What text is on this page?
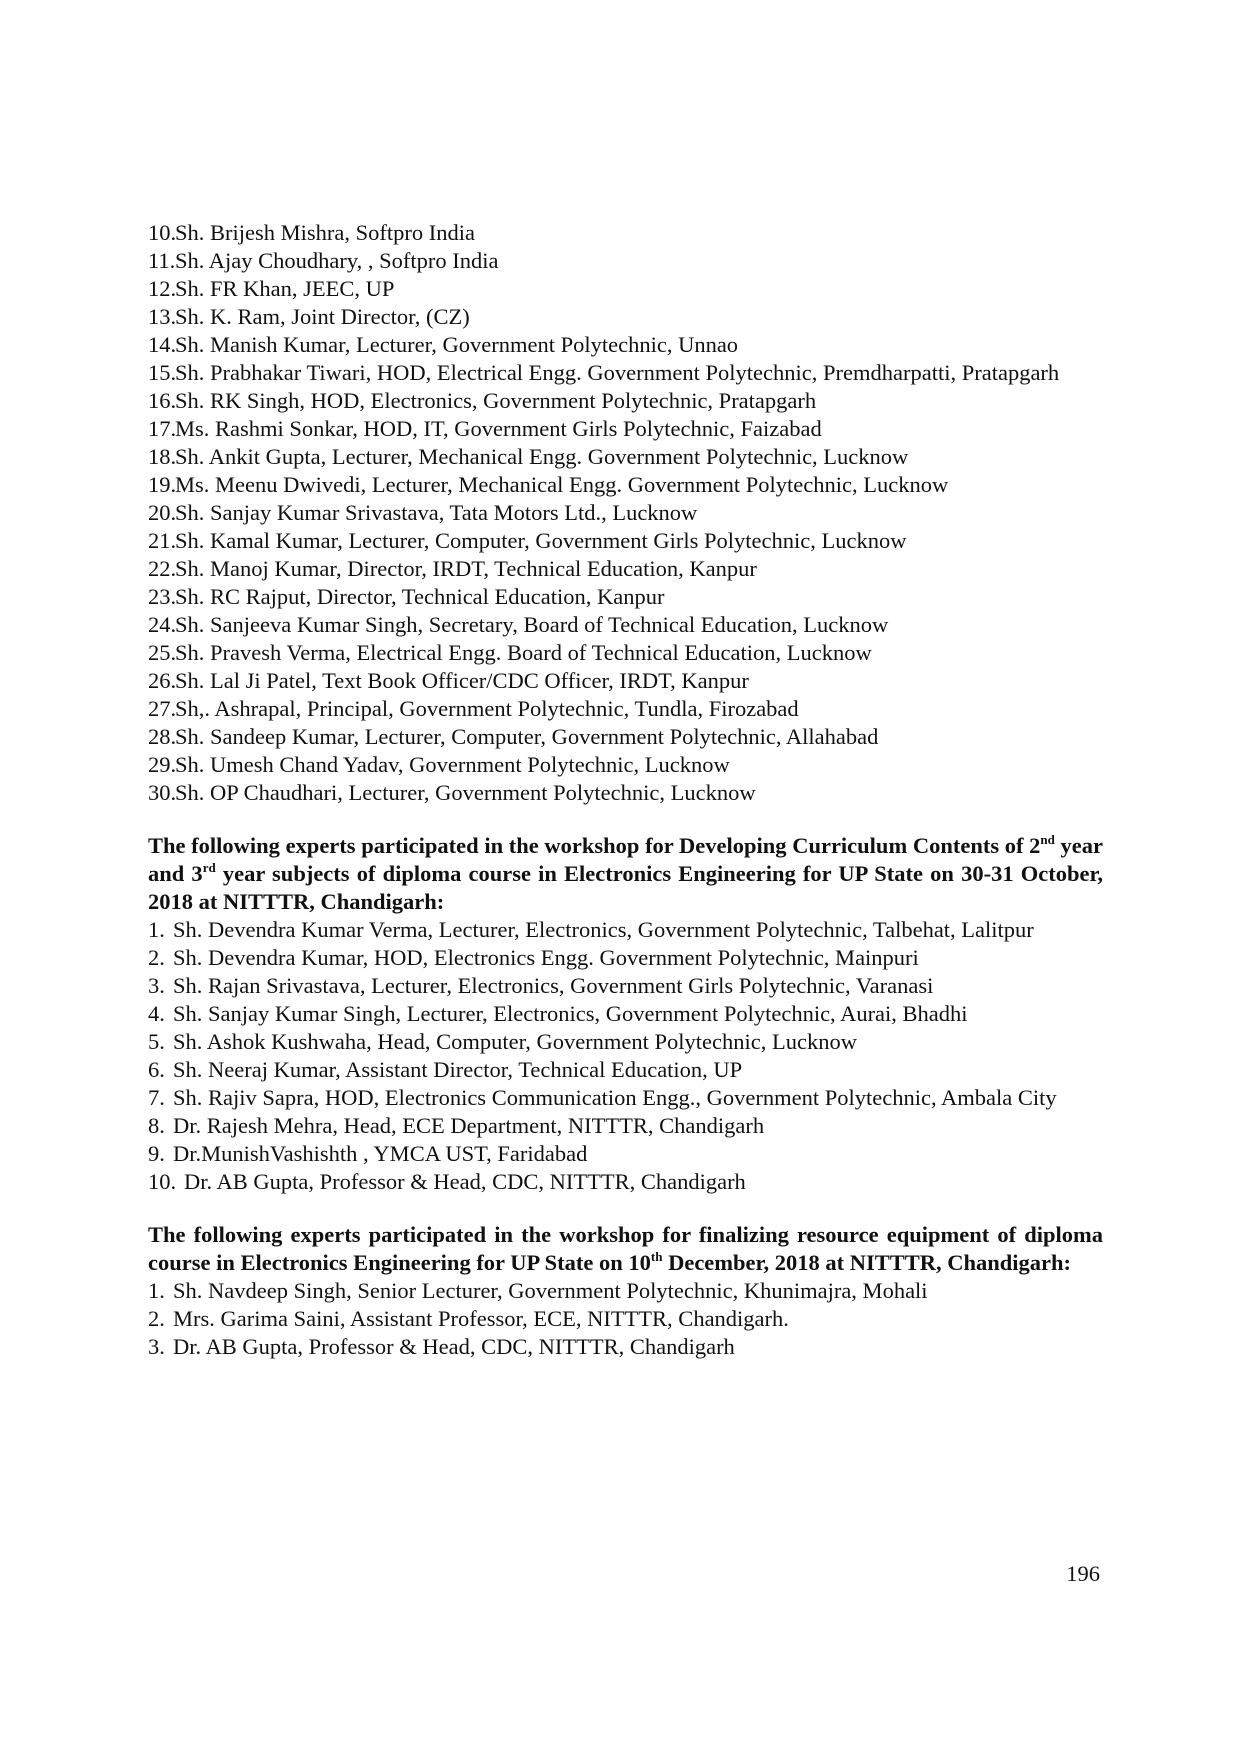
10.
Sh. Brijesh Mishra, Softpro India
11. Sh. Ajay Choudhary, , Softpro India
12.
Sh. FR Khan, JEEC, UP
13.
Sh. K. Ram, Joint Director, (CZ)
14.
Sh. Manish Kumar, Lecturer, Government Polytechnic, Unnao
15.
Sh. Prabhakar Tiwari, HOD, Electrical Engg. Government Polytechnic, Premdharpatti, Pratapgarh
16.
Sh. RK Singh, HOD, Electronics, Government Polytechnic, Pratapgarh
17.
Ms. Rashmi Sonkar, HOD, IT, Government Girls Polytechnic, Faizabad
18.
Sh. Ankit Gupta, Lecturer, Mechanical Engg. Government Polytechnic, Lucknow
19.
Ms. Meenu Dwivedi, Lecturer, Mechanical Engg. Government Polytechnic, Lucknow
20.
Sh. Sanjay Kumar Srivastava, Tata Motors Ltd., Lucknow
21.
Sh. Kamal Kumar, Lecturer, Computer, Government Girls Polytechnic, Lucknow
22.
Sh. Manoj Kumar, Director, IRDT, Technical Education, Kanpur
23.
Sh. RC Rajput, Director, Technical Education, Kanpur
24.
Sh. Sanjeeva Kumar Singh, Secretary, Board of Technical Education, Lucknow
25.
Sh. Pravesh Verma, Electrical Engg. Board of Technical Education, Lucknow
26.
Sh. Lal Ji Patel, Text Book Officer/CDC Officer, IRDT, Kanpur
27.
Sh,. Ashrapal, Principal, Government Polytechnic, Tundla, Firozabad
28.
Sh. Sandeep Kumar, Lecturer, Computer, Government Polytechnic, Allahabad
29.
Sh. Umesh Chand Yadav, Government Polytechnic, Lucknow
30.
Sh. OP Chaudhari, Lecturer, Government Polytechnic, Lucknow

The following experts participated in the workshop for Developing Curriculum Contents of 2nd year and 3rd year subjects of diploma course in Electronics Engineering for UP State on 30-31 October, 2018 at NITTTR, Chandigarh:

1. Sh. Devendra Kumar Verma, Lecturer, Electronics, Government Polytechnic, Talbehat, Lalitpur
2. Sh. Devendra Kumar, HOD, Electronics Engg. Government Polytechnic, Mainpuri
3. Sh. Rajan Srivastava, Lecturer, Electronics, Government Girls Polytechnic, Varanasi
4. Sh. Sanjay Kumar Singh, Lecturer, Electronics, Government Polytechnic, Aurai, Bhadhi
5. Sh. Ashok Kushwaha, Head, Computer, Government Polytechnic, Lucknow
6. Sh. Neeraj Kumar, Assistant Director, Technical Education, UP
7. Sh. Rajiv Sapra, HOD, Electronics Communication Engg., Government Polytechnic, Ambala City
8. Dr. Rajesh Mehra, Head, ECE Department, NITTTR, Chandigarh
9. Dr.MunishVashishth , YMCA UST, Faridabad
10. Dr. AB Gupta, Professor & Head, CDC, NITTTR, Chandigarh

The following experts participated in the workshop for finalizing resource equipment of diploma course in Electronics Engineering for UP State on 10th December, 2018 at NITTTR, Chandigarh:

1. Sh. Navdeep Singh, Senior Lecturer, Government Polytechnic, Khunimajra, Mohali
2. Mrs. Garima Saini, Assistant Professor, ECE, NITTTR, Chandigarh.
3. Dr. AB Gupta, Professor & Head, CDC, NITTTR, Chandigarh
196
